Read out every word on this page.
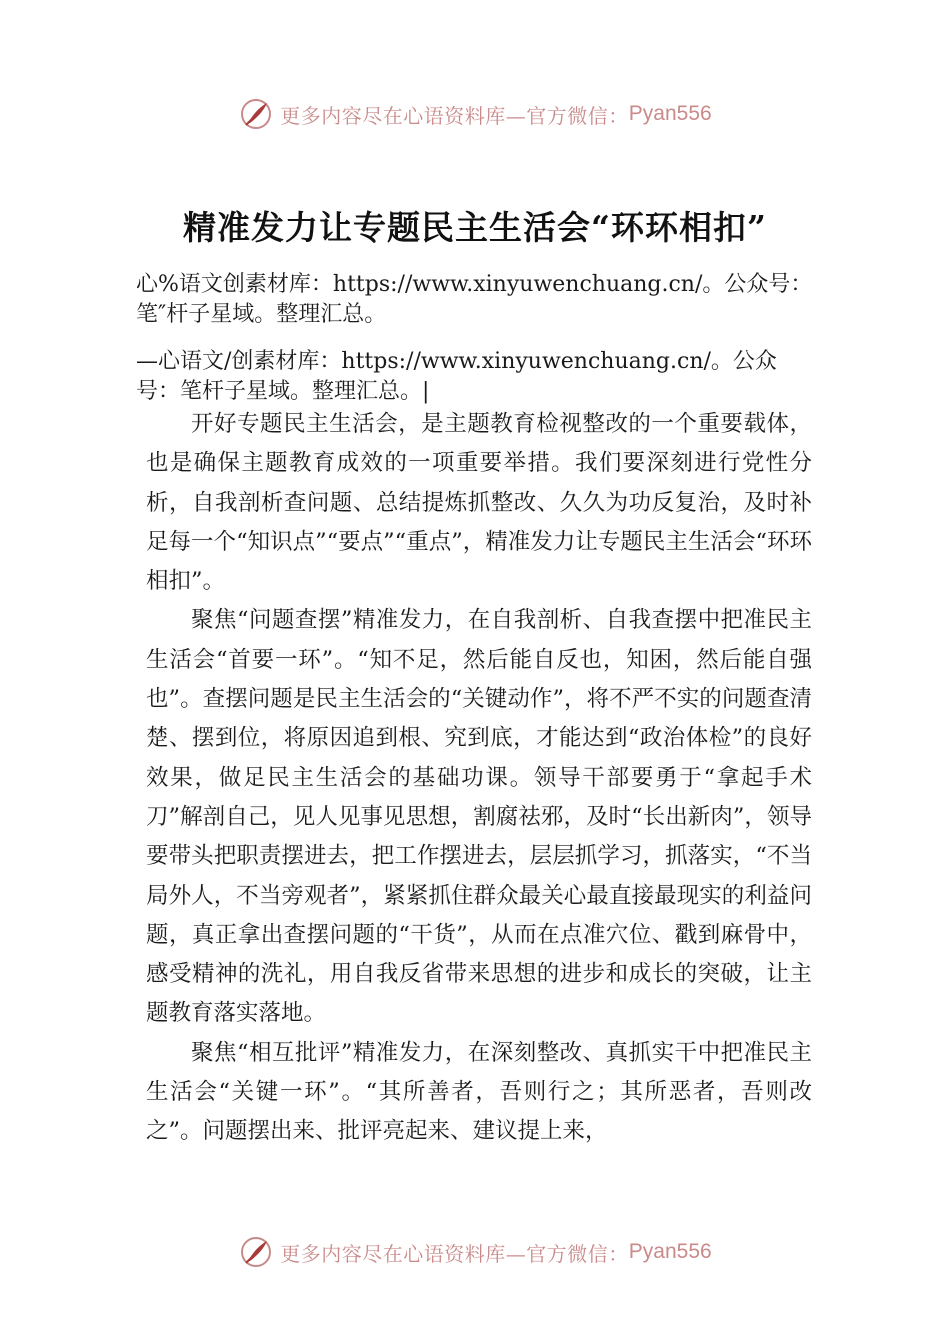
更多内容尽在心语资料库—官方微信： Pyan556
精准发力让专题民主生活会“环环相扣”
心%语文创素材库：https://www.xinyuwenchuang.cn/。公众号：笔″杆子星域。整理汇总。
—心语文/创素材库：https://www.xinyuwenchuang.cn/。公众号：笔杆子星域。整理汇总。|

开好专题民主生活会，是主题教育检视整改的一个重要载体，也是确保主题教育成效的一项重要举措。我们要深刻进行党性分析，自我剖析查问题、总结提炼抓整改、久久为功反复治，及时补足每一个“知识点”“要点”“重点”，精准发力让专题民主生活会“环环相扣”。

聚焦“问题查摆”精准发力，在自我剖析、自我查摆中把准民主生活会“首要一环”。“知不足，然后能自反也，知困，然后能自强也”。查摆问题是民主生活会的“关键动作”，将不严不实的问题查清楚、摆到位，将原因追到根、究到底，才能达到“政治体检”的良好效果，做足民主生活会的基础功课。领导干部要勇于“拿起手术刀”解剖自己，见人见事见思想，割腐祛邪，及时“长出新肉”，领导要带头把职责摆进去，把工作摆进去，层层抓学习，抓落实，“不当局外人，不当旁观者”，紧紧抓住群众最关心最直接最现实的利益问题，真正拿出查摆问题的“干货”，从而在点准穴位、戳到麻骨中，感受精神的洗礼，用自我反省带来思想的进步和成长的突破，让主题教育落实落地。

聚焦“相互批评”精准发力，在深刻整改、真抓实干中把准民主生活会“关键一环”。“其所善者，吾则行之；其所恶者，吾则改之”。问题摆出来、批评亮起来、建议提上来，

更多内容尽在心语资料库—官方微信： Pyan556
